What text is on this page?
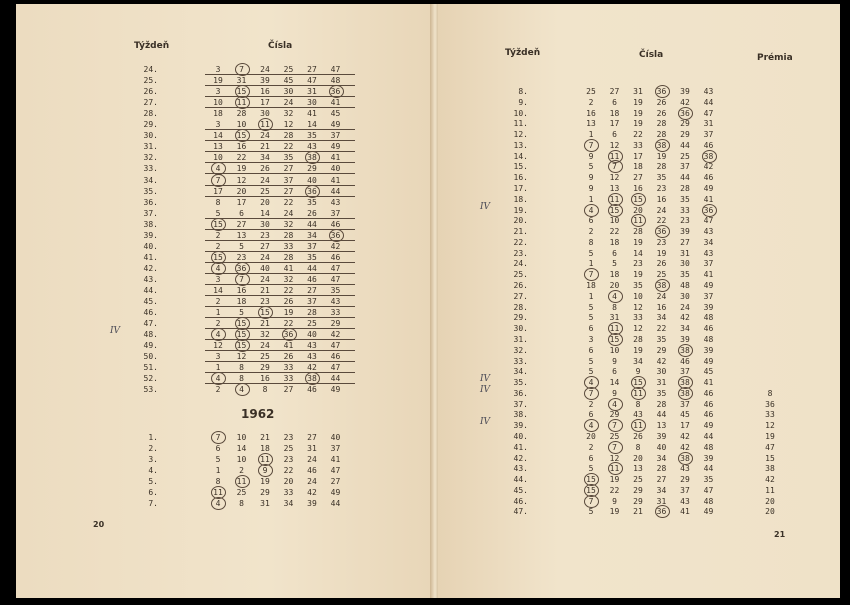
Týždeň	Čísla
1962
20
Týždeň	Čísla	Prémia
21
24.	3	7	24	25	27	47
25.	19	31	39	45	47	48
26.	3	15	16	30	31	36
27.	10	11	17	24	30	41
28.	18	28	30	32	41	45
29.	3	10	11	12	14	49
30.	14	15	24	28	35	37
31.	13	16	21	22	43	49
32.	10	22	34	35	38	41
33.	4	19	26	27	29	40
34.	7	12	24	37	40	41
35.	17	20	25	27	36	44
36.	8	17	20	22	35	43
37.	5	6	14	24	26	37
38.	15	27	30	32	44	46
39.	2	13	23	28	34	36
40.	2	5	27	33	37	42
41.	15	23	24	28	35	46
42.	4	36	40	41	44	47
43.	3	7	24	32	46	47
44.	14	16	21	22	27	35
45.	2	18	23	26	37	43
46.	1	5	15	19	28	33
47.	2	15	21	22	25	29
48.	4	15	32	36	40	42
49.	12	15	24	41	43	47
50.	3	12	25	26	43	46
51.	1	8	29	33	42	47
52.	4	8	16	33	38	44
53.	2	4	8	27	46	49
1.	7	10	21	23	27	40
2.	6	14	18	25	31	37
3.	5	10	11	23	24	41
4.	1	2	9	22	46	47
5.	8	11	19	20	24	27
6.	11	25	29	33	42	49
7.	4	8	31	34	39	44
8.	25	27	31	36	39	43
9.	2	6	19	26	42	44
10.	16	18	19	26	36	47
11.	13	17	19	28	29	31
12.	1	6	22	28	29	37
13.	7	12	33	38	44	46
14.	9	11	17	19	25	38
15.	5	7	18	28	37	42
16.	9	12	27	35	44	46
17.	9	13	16	23	28	49
18.	1	11	15	16	35	41
19.	4	15	20	24	33	36
20.	6	10	11	22	23	47
21.	2	22	28	36	39	43
22.	8	18	19	23	27	34
23.	5	6	14	19	31	43
24.	1	5	23	26	30	37
25.	7	18	19	25	35	41
26.	18	20	35	38	48	49
27.	1	4	10	24	30	37
28.	5	8	12	16	24	39
29.	5	31	33	34	42	48
30.	6	11	12	22	34	46
31.	3	15	28	35	39	48
32.	6	10	19	29	38	39
33.	5	9	34	42	46	49
34.	5	6	9	30	37	45
35.	4	14	15	31	38	41
36.	7	9	11	35	38	46	8
37.	2	4	8	28	37	46	36
38.	6	29	43	44	45	46	33
39.	4	7	11	13	17	49	12
40.	20	25	26	39	42	44	19
41.	2	7	8	40	42	48	47
42.	6	12	20	34	38	39	15
43.	5	11	13	28	43	44	38
44.	15	19	25	27	29	35	42
45.	15	22	29	34	37	47	11
46.	7	9	29	31	43	48	20
47.	5	19	21	36	41	49	20
IV
IV
IV
IV
IV
